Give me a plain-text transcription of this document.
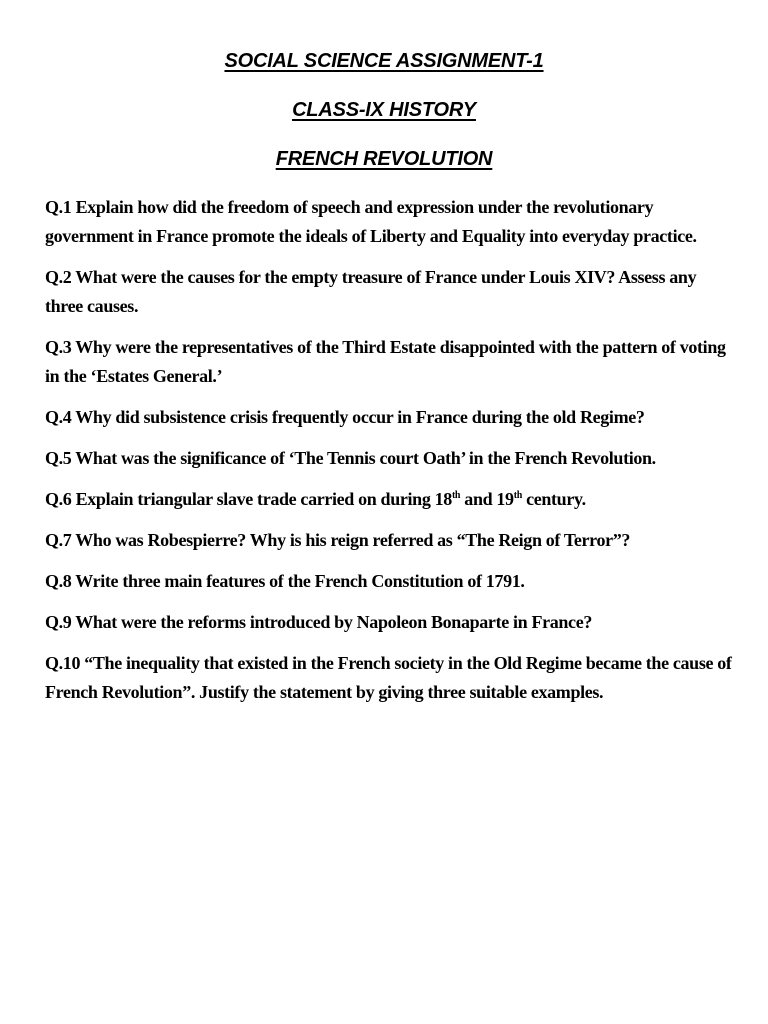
SOCIAL SCIENCE ASSIGNMENT-1
CLASS-IX HISTORY
FRENCH REVOLUTION

Q.1 Explain how did the freedom of speech and expression under the revolutionary government in France promote the ideals of Liberty and Equality into everyday practice.

Q.2 What were the causes for the empty treasure of France under Louis XIV? Assess any three causes.

Q.3 Why were the representatives of the Third Estate disappointed with the pattern of voting in the ‘Estates General.’

Q.4 Why did subsistence crisis frequently occur in France during the old Regime?

Q.5 What was the significance of ‘The Tennis court Oath’ in the French Revolution.

Q.6 Explain triangular slave trade carried on during 18th and 19th century.

Q.7 Who was Robespierre? Why is his reign referred as “The Reign of Terror”?

Q.8 Write three main features of the French Constitution of 1791.

Q.9 What were the reforms introduced by Napoleon Bonaparte in France?

Q.10 “The inequality that existed in the French society in the Old Regime became the cause of French Revolution”. Justify the statement by giving three suitable examples.
